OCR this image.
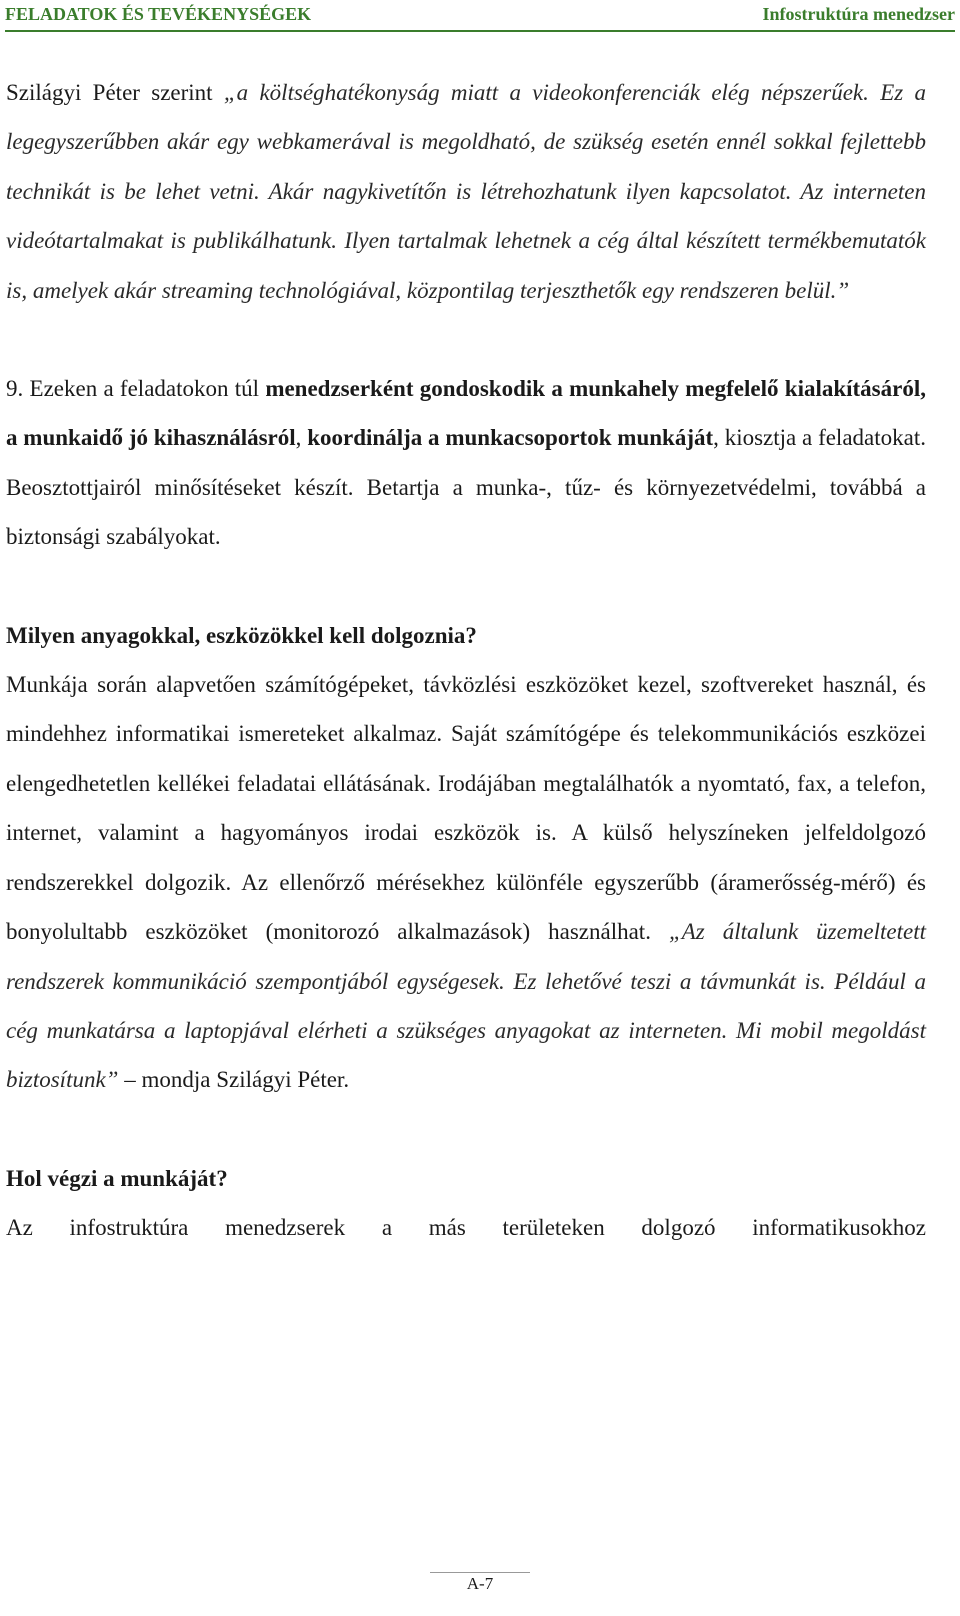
FELADATOK ÉS TEVÉKENYSÉGEK	Infostruktúra menedzser

Szilágyi Péter szerint „a költséghatékonyság miatt a videokonferenciák elég népszerűek. Ez a legegyszerűbben akár egy webkamerával is megoldható, de szükség esetén ennél sokkal fejlettebb technikát is be lehet vetni. Akár nagykivetítőn is létrehozhatunk ilyen kapcsolatot. Az interneten videótartalmakat is publikálhatunk. Ilyen tartalmak lehetnek a cég által készített termékbemutatók is, amelyek akár streaming technológiával, központilag terjeszthetők egy rendszeren belül.”

9. Ezeken a feladatokon túl menedzserként gondoskodik a munkahely megfelelő kialakításáról, a munkaidő jó kihasználásról, koordinálja a munkacsoportok munkáját, kiosztja a feladatokat. Beosztottjairól minősítéseket készít. Betartja a munka-, tűz- és környezetvédelmi, továbbá a biztonsági szabályokat.

Milyen anyagokkal, eszközökkel kell dolgoznia?

Munkája során alapvetően számítógépeket, távközlési eszközöket kezel, szoftvereket használ, és mindehhez informatikai ismereteket alkalmaz. Saját számítógépe és telekommunikációs eszközei elengedhetetlen kellékei feladatai ellátásának. Irodájában megtalálhatók a nyomtató, fax, a telefon, internet, valamint a hagyományos irodai eszközök is. A külső helyszíneken jelfeldolgozó rendszerekkel dolgozik. Az ellenőrző mérésekhez különféle egyszerűbb (áramerősség-mérő) és bonyolultabb eszközöket (monitorozó alkalmazások) használhat. „Az általunk üzemeltetett rendszerek kommunikáció szempontjából egységesek. Ez lehetővé teszi a távmunkát is. Például a cég munkatársa a laptopjával elérheti a szükséges anyagokat az interneten. Mi mobil megoldást biztosítunk” – mondja Szilágyi Péter.

Hol végzi a munkáját?

Az infostruktúra menedzserek a más területeken dolgozó informatikusokhoz

A-7
